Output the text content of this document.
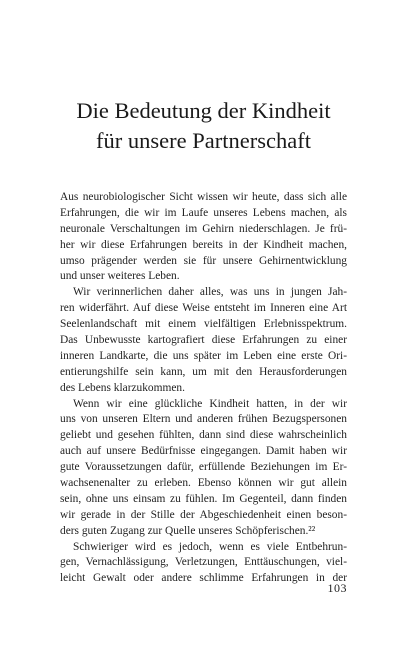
Die Bedeutung der Kindheit
für unsere Partnerschaft
Aus neurobiologischer Sicht wissen wir heute, dass sich alle
Erfahrungen, die wir im Laufe unseres Lebens machen, als
neuronale Verschaltungen im Gehirn niederschlagen. Je frü-
her wir diese Erfahrungen bereits in der Kindheit machen,
umso prägender werden sie für unsere Gehirnentwicklung
und unser weiteres Leben.
Wir verinnerlichen daher alles, was uns in jungen Jah-
ren widerfährt. Auf diese Weise entsteht im Inneren eine Art
Seelenlandschaft mit einem vielfältigen Erlebnisspektrum.
Das Unbewusste kartografiert diese Erfahrungen zu einer
inneren Landkarte, die uns später im Leben eine erste Ori-
entierungshilfe sein kann, um mit den Herausforderungen
des Lebens klarzukommen.
Wenn wir eine glückliche Kindheit hatten, in der wir
uns von unseren Eltern und anderen frühen Bezugspersonen
geliebt und gesehen fühlten, dann sind diese wahrscheinlich
auch auf unsere Bedürfnisse eingegangen. Damit haben wir
gute Voraussetzungen dafür, erfüllende Beziehungen im Er-
wachsenenalter zu erleben. Ebenso können wir gut allein
sein, ohne uns einsam zu fühlen. Im Gegenteil, dann finden
wir gerade in der Stille der Abgeschiedenheit einen beson-
ders guten Zugang zur Quelle unseres Schöpferischen.²²
Schwieriger wird es jedoch, wenn es viele Entbehrun-
gen, Vernachlässigung, Verletzungen, Enttäuschungen, viel-
leicht Gewalt oder andere schlimme Erfahrungen in der
103
